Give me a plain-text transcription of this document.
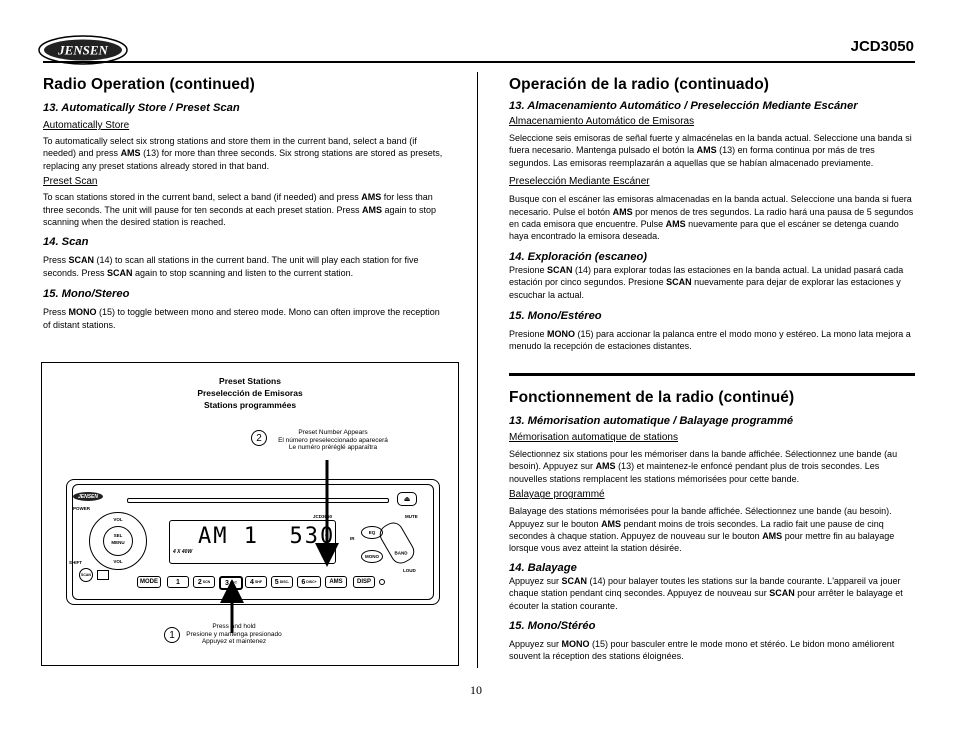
JENSEN	JCD3050
Radio Operation (continued)
13. Automatically Store / Preset Scan
Automatically Store

To automatically select six strong stations and store them in the current band, select a band (if needed) and press AMS (13) for more than three seconds. Six strong stations are stored as presets, replacing any preset stations already stored in that band.

Preset Scan

To scan stations stored in the current band, select a band (if needed) and press AMS for less than three seconds. The unit will pause for ten seconds at each preset station. Press AMS again to stop scanning when the desired station is reached.

14. Scan

Press SCAN (14) to scan all stations in the current band. The unit will play each station for five seconds. Press SCAN again to stop scanning and listen to the current station.

15. Mono/Stereo

Press MONO (15) to toggle between mono and stereo mode. Mono can often improve the reception of distant stations.

Preset Stations
Preselección de Emisoras
Stations programmées
2	Preset Number Appears
El número preseleccionado aparecerá
Le numéro préréglé apparaîtra
⏏
JENSEN
POWER
SEL
MENU
VOL
VOL
SHIFT
SCAN
JCD3050
AM 1  530
3
4 X 40W
IR
EQ
MONO
MUTE
BAND
LOUD
MODE	1	2 SCN 3 RPT 4 SHF 5 DISC- 6 DISC+	AMS	DISP
1
Press and hold
Presione y mantenga presionado
Appuyez et maintenez
Operación de la radio (continuado)
13. Almacenamiento Automático / Preselección Mediante Escáner
Almacenamiento Automático de Emisoras

Seleccione seis emisoras de señal fuerte y almacénelas en la banda actual. Seleccione una banda si fuera necesario. Mantenga pulsado el botón la AMS (13) en forma continua por más de tres segundos. Las emisoras reemplazarán a aquellas que se habían almacenado previamente.

Preselección Mediante Escáner

Busque con el escáner las emisoras almacenadas en la banda actual. Seleccione una banda si fuera necesario. Pulse el botón AMS por menos de tres segundos. La radio hará una pausa de 5 segundos en cada emisora que encuentre. Pulse AMS nuevamente para que el escáner se detenga cuando haya encontrado la emisora deseada.

14. Exploración (escaneo)

Presione SCAN (14) para explorar todas las estaciones en la banda actual. La unidad pasará cada estación por cinco segundos. Presione SCAN nuevamente para dejar de explorar las estaciones y escuchar la actual.

15. Mono/Estéreo

Presione MONO (15) para accionar la palanca entre el modo mono y estéreo. La mono lata mejora a menudo la recepción de estaciones distantes.

Fonctionnement de la radio (continué)
13. Mémorisation automatique / Balayage programmé
Mémorisation automatique de stations

Sélectionnez six stations pour les mémoriser dans la bande affichée. Sélectionnez une bande (au besoin). Appuyez sur AMS (13) et maintenez-le enfoncé pendant plus de trois secondes. Les nouvelles stations remplacent les stations mémorisées pour cette bande.

Balayage programmé

Balayage des stations mémorisées pour la bande affichée. Sélectionnez une bande (au besoin). Appuyez sur le bouton AMS pendant moins de trois secondes. La radio fait une pause de cinq secondes à chaque station. Appuyez de nouveau sur le bouton AMS pour mettre fin au balayage lorsque vous avez atteint la station désirée.

14. Balayage

Appuyez sur SCAN (14) pour balayer toutes les stations sur la bande courante. L'appareil va jouer chaque station pendant cinq secondes. Appuyez de nouveau sur SCAN pour arrêter le balayage et écouter la station courante.

15. Mono/Stéréo

Appuyez sur MONO (15) pour basculer entre le mode mono et stéréo. Le bidon mono améliorent souvent la réception des stations éloignées.

10
